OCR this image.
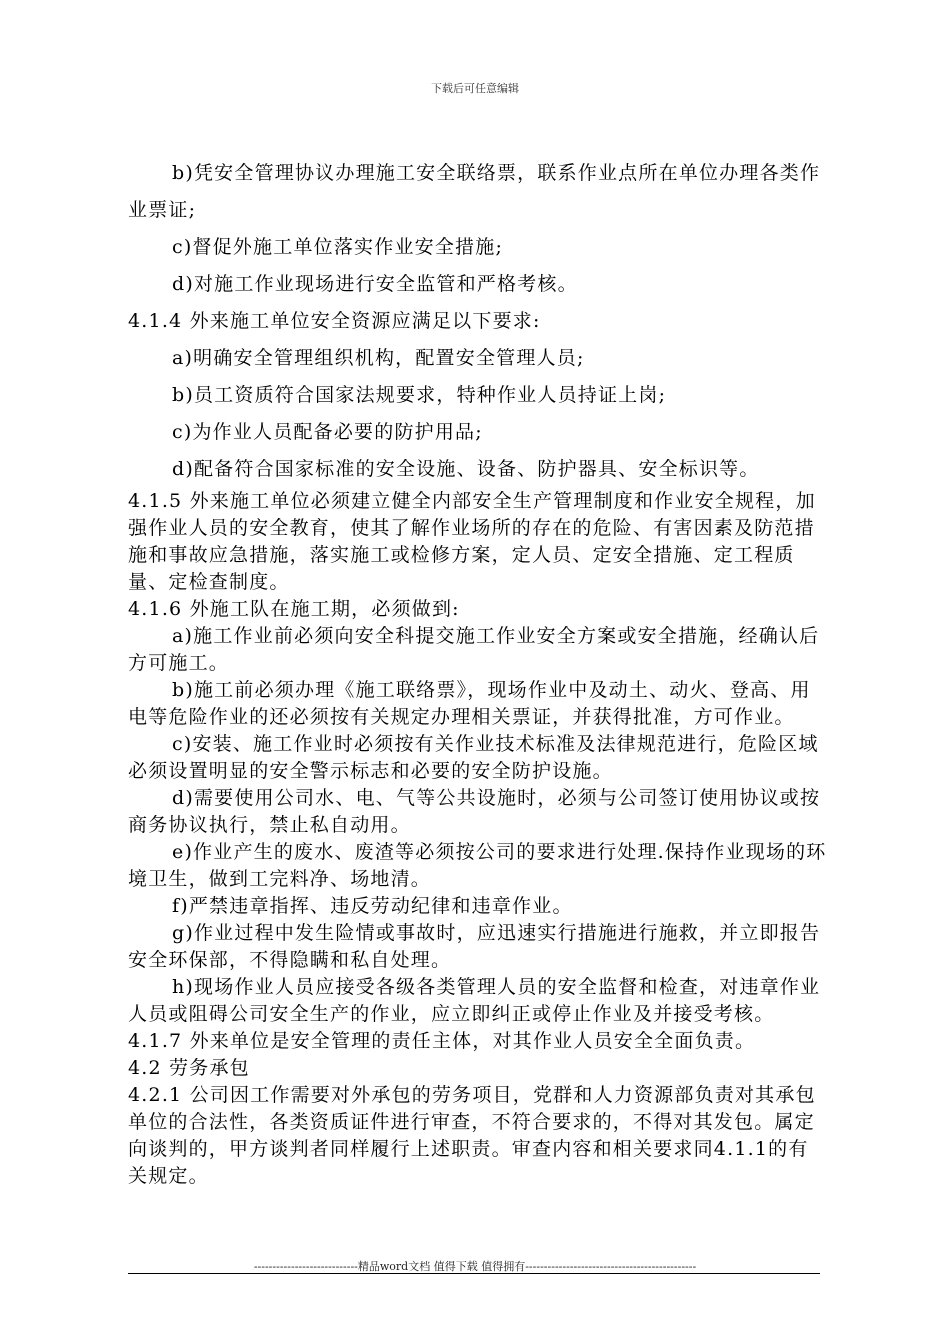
下载后可任意编辑

b)凭安全管理协议办理施工安全联络票，联系作业点所在单位办理各类作业票证;

c)督促外施工单位落实作业安全措施;

d)对施工作业现场进行安全监管和严格考核。

4.1.4 外来施工单位安全资源应满足以下要求:

a)明确安全管理组织机构，配置安全管理人员;

b)员工资质符合国家法规要求，特种作业人员持证上岗;

c)为作业人员配备必要的防护用品;

d)配备符合国家标准的安全设施、设备、防护器具、安全标识等。

4.1.5 外来施工单位必须建立健全内部安全生产管理制度和作业安全规程，加强作业人员的安全教育，使其了解作业场所的存在的危险、有害因素及防范措施和事故应急措施，落实施工或检修方案，定人员、定安全措施、定工程质量、定检查制度。

4.1.6 外施工队在施工期，必须做到:

a)施工作业前必须向安全科提交施工作业安全方案或安全措施，经确认后方可施工。

b)施工前必须办理《施工联络票》，现场作业中及动土、动火、登高、用电等危险作业的还必须按有关规定办理相关票证，并获得批准，方可作业。

c)安装、施工作业时必须按有关作业技术标准及法律规范进行，危险区域必须设置明显的安全警示标志和必要的安全防护设施。

d)需要使用公司水、电、气等公共设施时，必须与公司签订使用协议或按商务协议执行，禁止私自动用。

e)作业产生的废水、废渣等必须按公司的要求进行处理.保持作业现场的环境卫生，做到工完料净、场地清。

f)严禁违章指挥、违反劳动纪律和违章作业。

g)作业过程中发生险情或事故时，应迅速实行措施进行施救，并立即报告安全环保部，不得隐瞒和私自处理。

h)现场作业人员应接受各级各类管理人员的安全监督和检查，对违章作业人员或阻碍公司安全生产的作业，应立即纠正或停止作业及并接受考核。

4.1.7 外来单位是安全管理的责任主体，对其作业人员安全全面负责。

4.2 劳务承包

4.2.1 公司因工作需要对外承包的劳务项目，党群和人力资源部负责对其承包单位的合法性，各类资质证件进行审查，不符合要求的，不得对其发包。属定向谈判的，甲方谈判者同样履行上述职责。审查内容和相关要求同4.1.1的有关规定。

----------------------------精品word文档 值得下载 值得拥有----------------------------------------------
